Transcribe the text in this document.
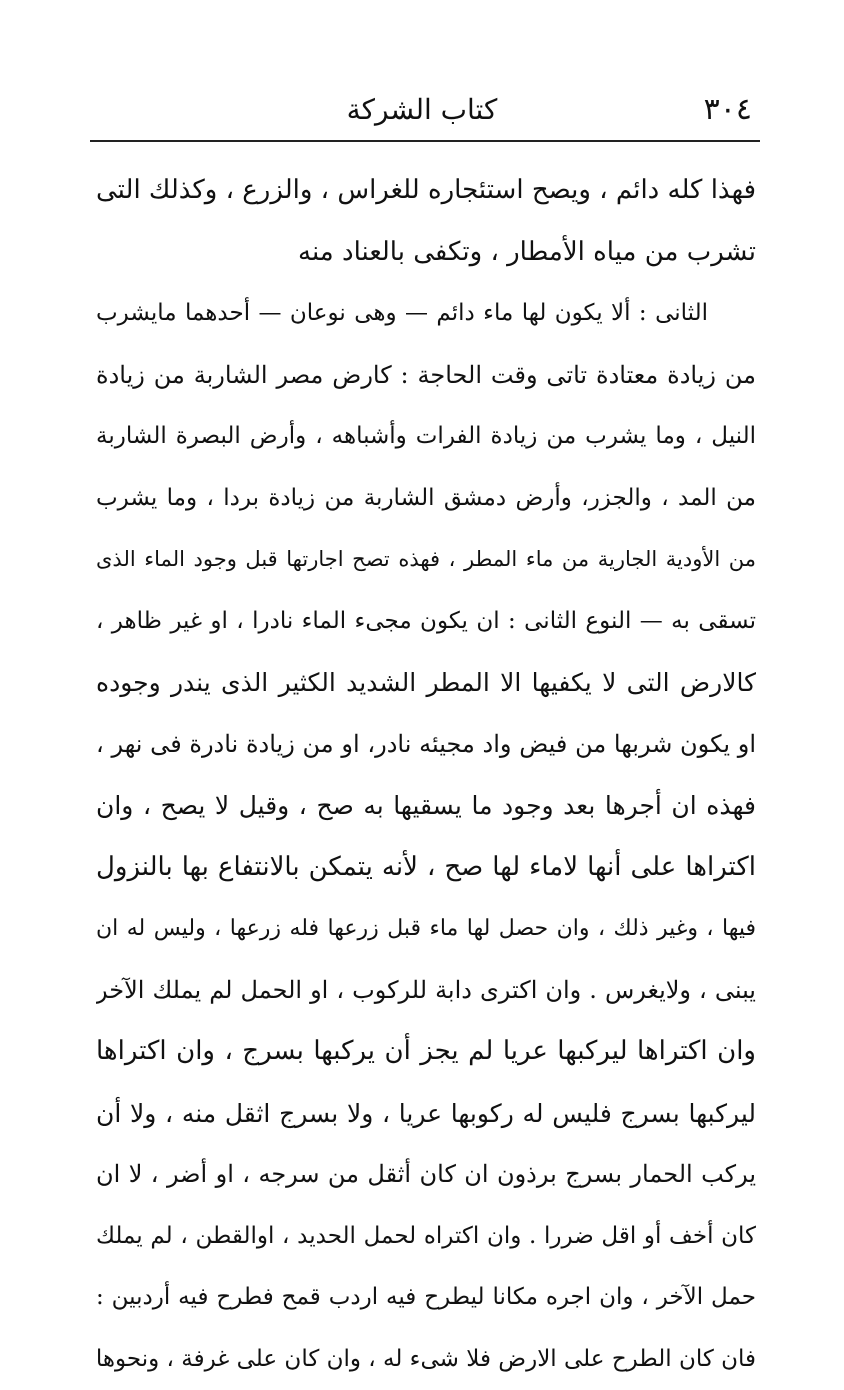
٣٠٤
كتاب الشركة
فهذا كله دائم ، ويصح استئجاره للغراس ، والزرع ، وكذلك التى
تشرب من مياه الأمطار ، وتكفى بالعناد منه
الثانى : ألا يكون لها ماء دائم — وهى نوعان — أحدهما مايشرب
من زيادة معتادة تاتى وقت الحاجة : كارض مصر الشاربة من زيادة
النيل ، وما يشرب من زيادة الفرات وأشباهه ، وأرض البصرة الشاربة
من المد ، والجزر، وأرض دمشق الشاربة من زيادة بردا ، وما يشرب
من الأودية الجارية من ماء المطر ، فهذه تصح اجارتها قبل وجود الماء الذى
تسقى به — النوع الثانى : ان يكون مجىء الماء نادرا ، او غير ظاهر ،
كالارض التى لا يكفيها الا المطر الشديد الكثير الذى يندر وجوده
او يكون شربها من فيض واد مجيئه نادر، او من زيادة نادرة فى نهر ،
فهذه ان أجرها بعد وجود ما يسقيها به صح ، وقيل لا يصح ، وان
اكتراها على أنها لاماء لها صح ، لأنه يتمكن بالانتفاع بها بالنزول
فيها ، وغير ذلك ، وان حصل لها ماء قبل زرعها فله زرعها ، وليس له ان
يبنى ، ولايغرس . وان اكترى دابة للركوب ، او الحمل لم يملك الآخر
وان اكتراها ليركبها عريا لم يجز أن يركبها بسرج ، وان اكتراها
ليركبها بسرج فليس له ركوبها عريا ، ولا بسرج اثقل منه ، ولا أن
يركب الحمار بسرج برذون ان كان أثقل من سرجه ، او أضر ، لا ان
كان أخف أو اقل ضررا . وان اكتراه لحمل الحديد ، اوالقطن ، لم يملك
حمل الآخر ، وان اجره مكانا ليطرح فيه اردب قمح فطرح فيه أردبين :
فان كان الطرح على الارض فلا شىء له ، وان كان على غرفة ، ونحوها
